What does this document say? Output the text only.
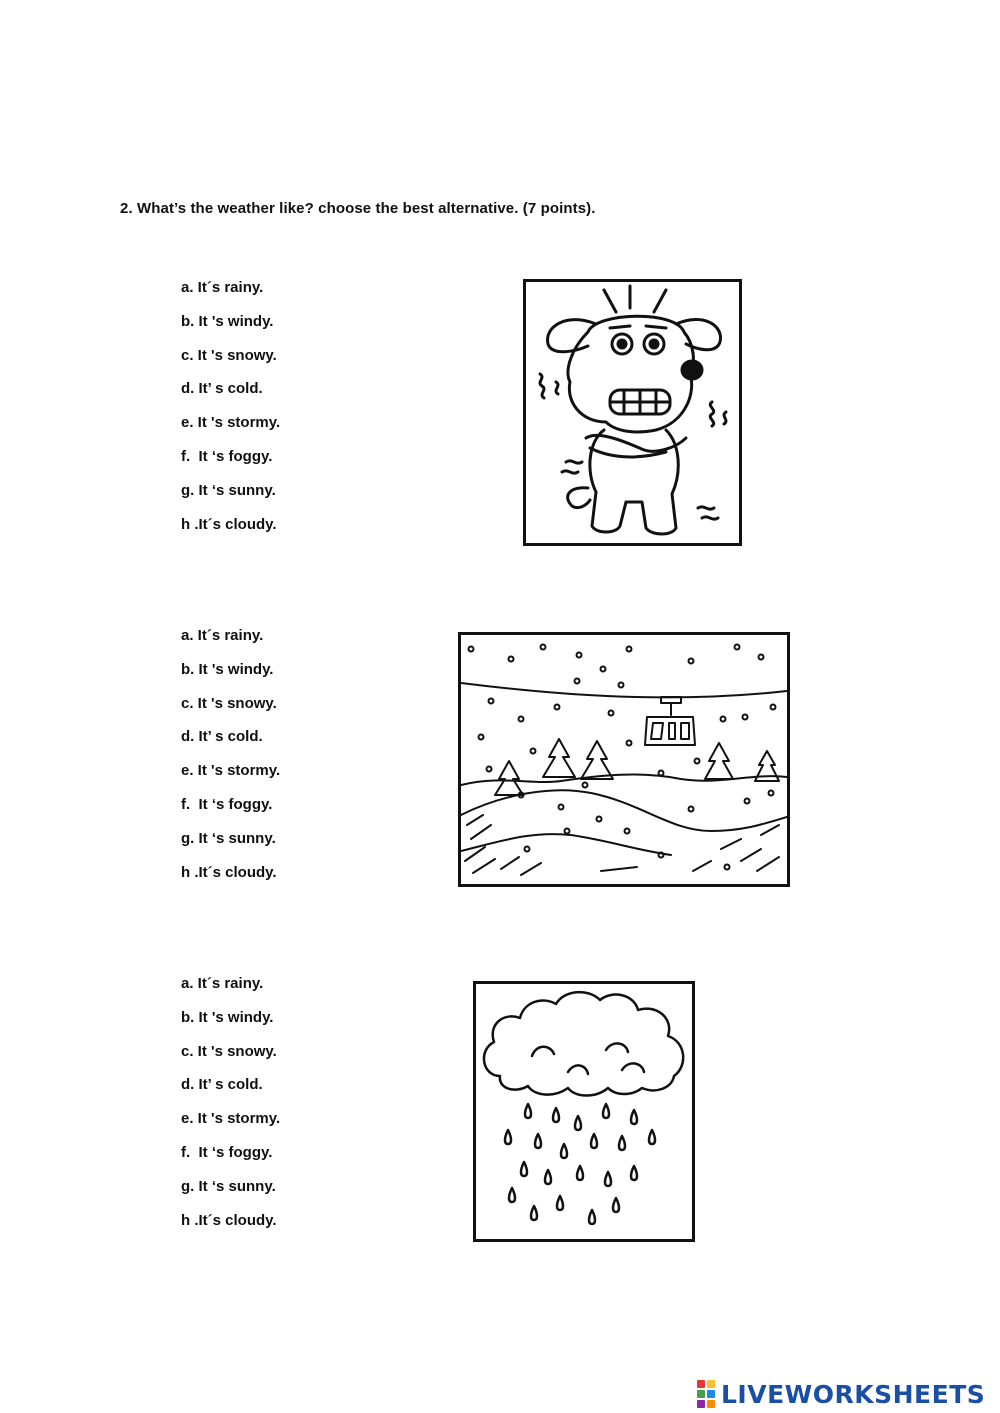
2. What’s the weather like? choose the best alternative. (7 points).
a. It´s rainy.
b. It 's windy.
c. It 's snowy.
d. It’ s cold.
e. It 's stormy.
f.  It ‘s foggy.
g. It ‘s sunny.
h .It´s cloudy.
a. It´s rainy.
b. It 's windy.
c. It 's snowy.
d. It’ s cold.
e. It 's stormy.
f.  It ‘s foggy.
g. It ‘s sunny.
h .It´s cloudy.
a. It´s rainy.
b. It 's windy.
c. It 's snowy.
d. It’ s cold.
e. It 's stormy.
f.  It ‘s foggy.
g. It ‘s sunny.
h .It´s cloudy.
LIVEWORKSHEETS
